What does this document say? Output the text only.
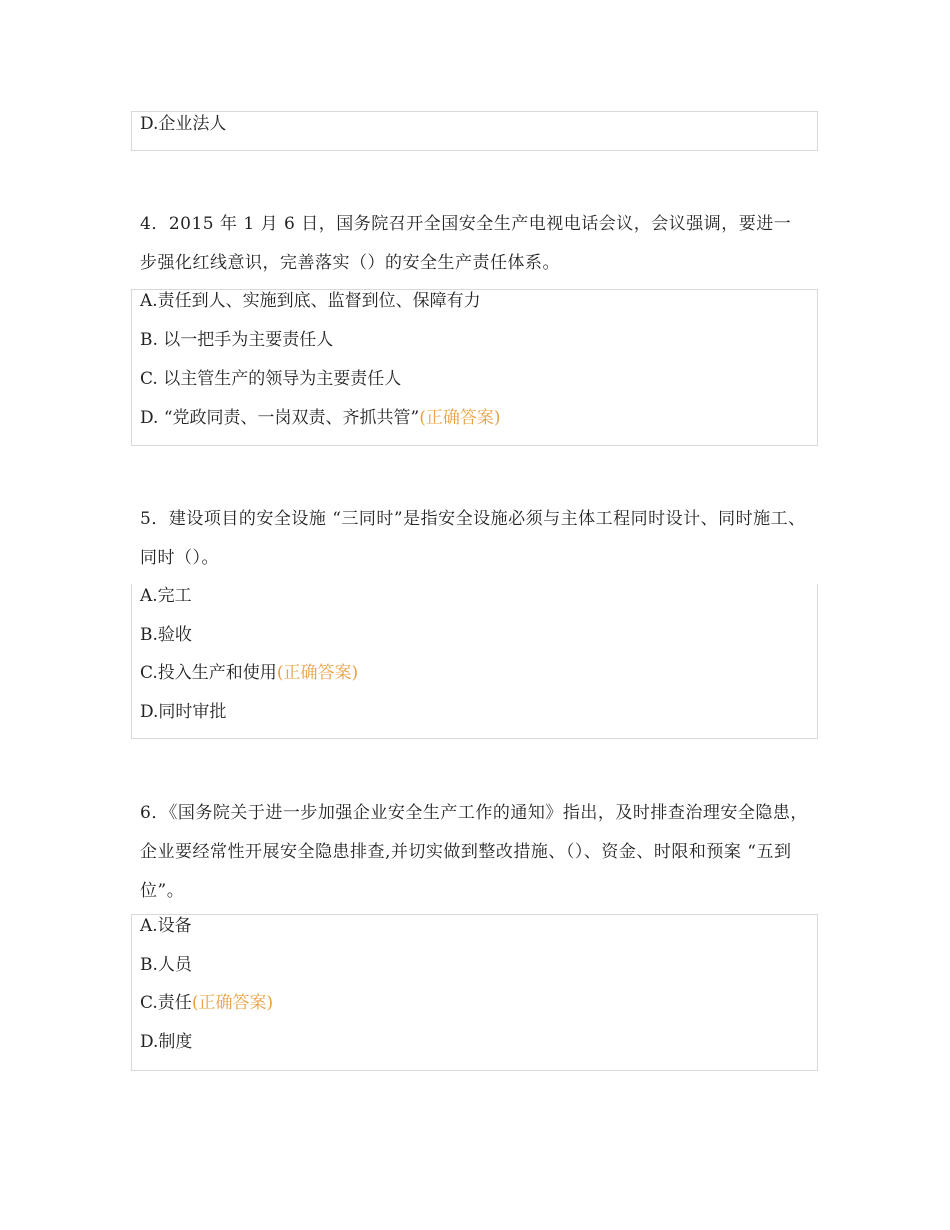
D.企业法人
4．2015 年 1 月 6 日，国务院召开全国安全生产电视电话会议，会议强调，要进一步强化红线意识，完善落实（）的安全生产责任体系。
A.责任到人、实施到底、监督到位、保障有力
B. 以一把手为主要责任人
C. 以主管生产的领导为主要责任人
D. “党政同责、一岗双责、齐抓共管”(正确答案)
5．建设项目的安全设施 “三同时”是指安全设施必须与主体工程同时设计、同时施工、同时（）。
A.完工
B.验收
C.投入生产和使用(正确答案)
D.同时审批
6．《国务院关于进一步加强企业安全生产工作的通知》指出，及时排查治理安全隐患，企业要经常性开展安全隐患排查,并切实做到整改措施、（）、资金、时限和预案 “五到位”。
A.设备
B.人员
C.责任(正确答案)
D.制度
